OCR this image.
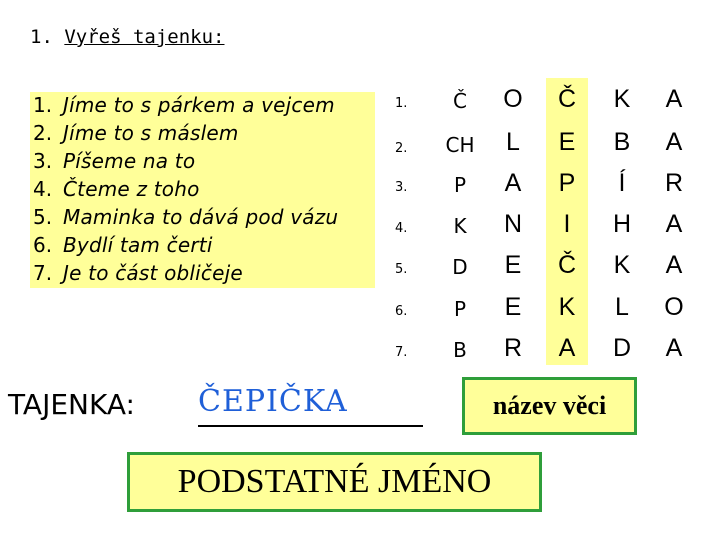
1. Vyřeš tajenku:
1. Jíme to s párkem a vejcem
2. Jíme to s máslem
3. Píšeme na to
4. Čteme z toho
5. Maminka to dává pod vázu
6. Bydlí tam čerti
7. Je to část obličeje
1.	Č	O	Č	K	A
2.	CH	L	E	B	A
3.	P	A	P	Í	R
4.	K	N	I	H	A
5.	D	E	Č	K	A
6.	P	E	K	L	O
7.	B	R	A	D	A
TAJENKA: ČEPIČKA	název věci
PODSTATNÉ JMÉNO
